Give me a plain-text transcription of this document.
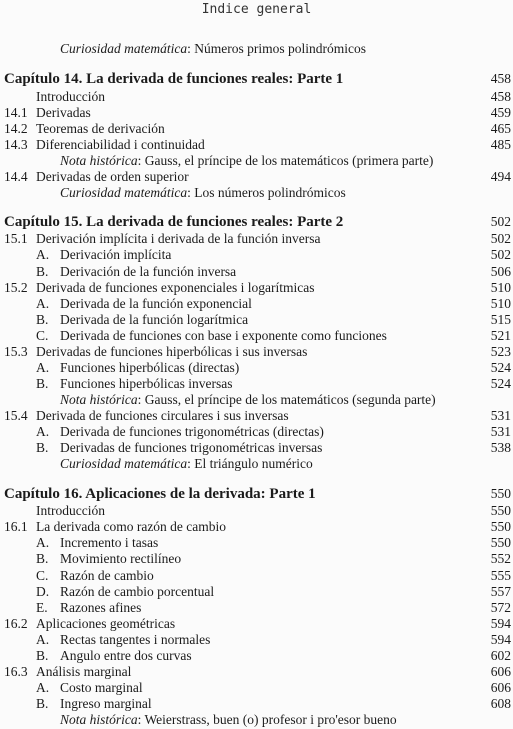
Indice general
Curiosidad matemática: Números primos polindrómicos
Capítulo 14. La derivada de funciones reales: Parte 1	458
Introducción	458
14.1 Derivadas	459
14.2 Teoremas de derivación	465
14.3 Diferenciabilidad i continuidad	485
Nota histórica: Gauss, el príncipe de los matemáticos (primera parte)
14.4 Derivadas de orden superior	494
Curiosidad matemática: Los números polindrómicos
Capítulo 15. La derivada de funciones reales: Parte 2	502
15.1 Derivación implícita i derivada de la función inversa	502
A. Derivación implícita	502
B. Derivación de la función inversa	506
15.2 Derivada de funciones exponenciales i logarítmicas	510
A. Derivada de la función exponencial	510
B. Derivada de la función logarítmica	515
C. Derivada de funciones con base i exponente como funciones	521
15.3 Derivadas de funciones hiperbólicas i sus inversas	523
A. Funciones hiperbólicas (directas)	524
B. Funciones hiperbólicas inversas	524
Nota histórica: Gauss, el príncipe de los matemáticos (segunda parte)
15.4 Derivada de funciones circulares i sus inversas	531
A. Derivada de funciones trigonométricas (directas)	531
B. Derivadas de funciones trigonométricas inversas	538
Curiosidad matemática: El triángulo numérico
Capítulo 16. Aplicaciones de la derivada: Parte 1	550
Introducción	550
16.1 La derivada como razón de cambio	550
A. Incremento i tasas	550
B. Movimiento rectilíneo	552
C. Razón de cambio	555
D. Razón de cambio porcentual	557
E. Razones afines	572
16.2 Aplicaciones geométricas	594
A. Rectas tangentes i normales	594
B. Angulo entre dos curvas	602
16.3 Análisis marginal	606
A. Costo marginal	606
B. Ingreso marginal	608
Nota histórica: Weierstrass, buen (o) profesor i pro'esor bueno
